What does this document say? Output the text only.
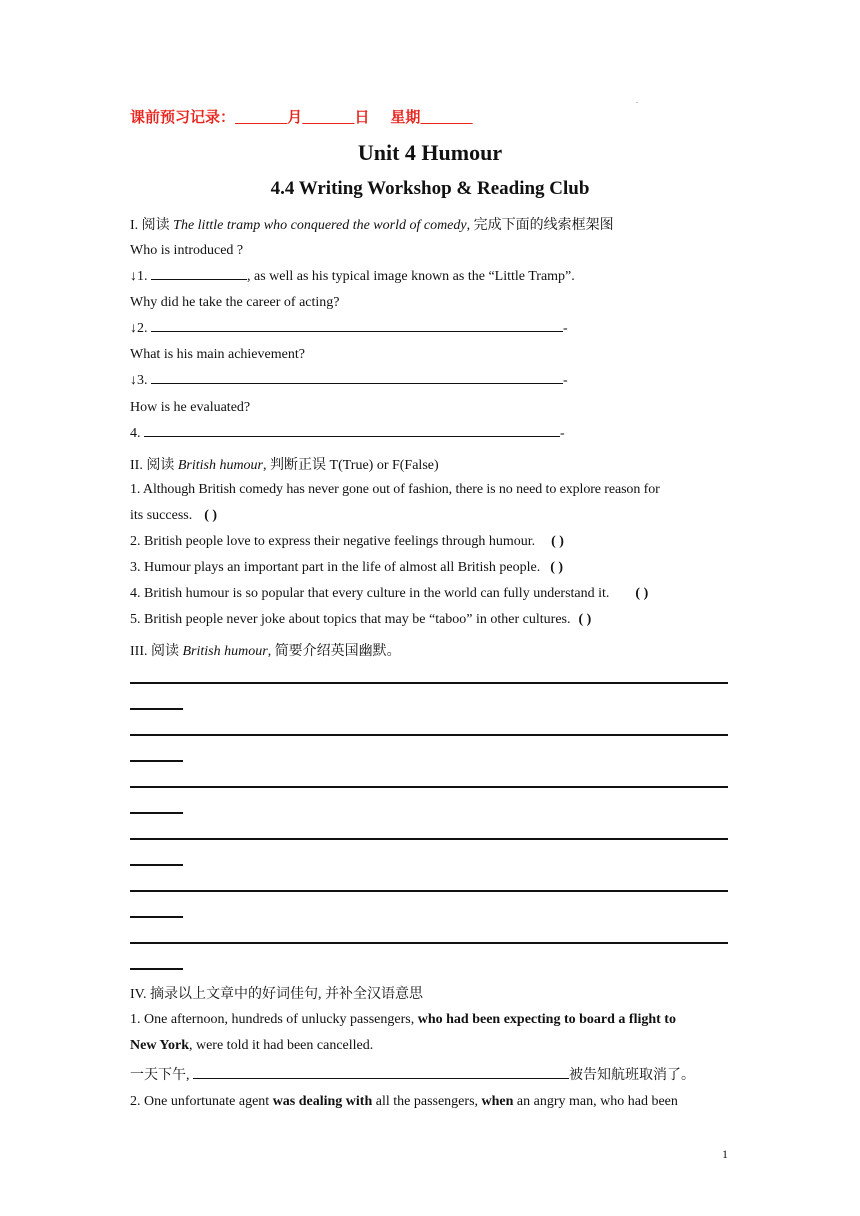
.
课前预习记录：	月	日 星期
Unit 4 Humour
4.4 Writing Workshop & Reading Club
I. 阅读 The little tramp who conquered the world of comedy, 完成下面的线索框架图
Who is introduced ?
↓1.	, as well as his typical image known as the “Little Tramp”.
Why did he take the career of acting?
↓2.	-
What is his main achievement?
↓3.	-
How is he evaluated?
4.	-
II. 阅读 British humour, 判断正误 T(True) or F(False)
1. Although British comedy has never gone out of fashion, there is no need to explore reason for
its success. ( )
2. British people love to express their negative feelings through humour. ( )
3. Humour plays an important part in the life of almost all British people. ( )
4. British humour is so popular that every culture in the world can fully understand it. ( )
5. British people never joke about topics that may be “taboo” in other cultures. ( )
III. 阅读 British humour, 简要介绍英国幽默。
IV. 摘录以上文章中的好词佳句, 并补全汉语意思
1. One afternoon, hundreds of unlucky passengers, who had been expecting to board a flight to
New York, were told it had been cancelled.
一天下午,	被告知航班取消了。
2. One unfortunate agent was dealing with all the passengers, when an angry man, who had been
1
